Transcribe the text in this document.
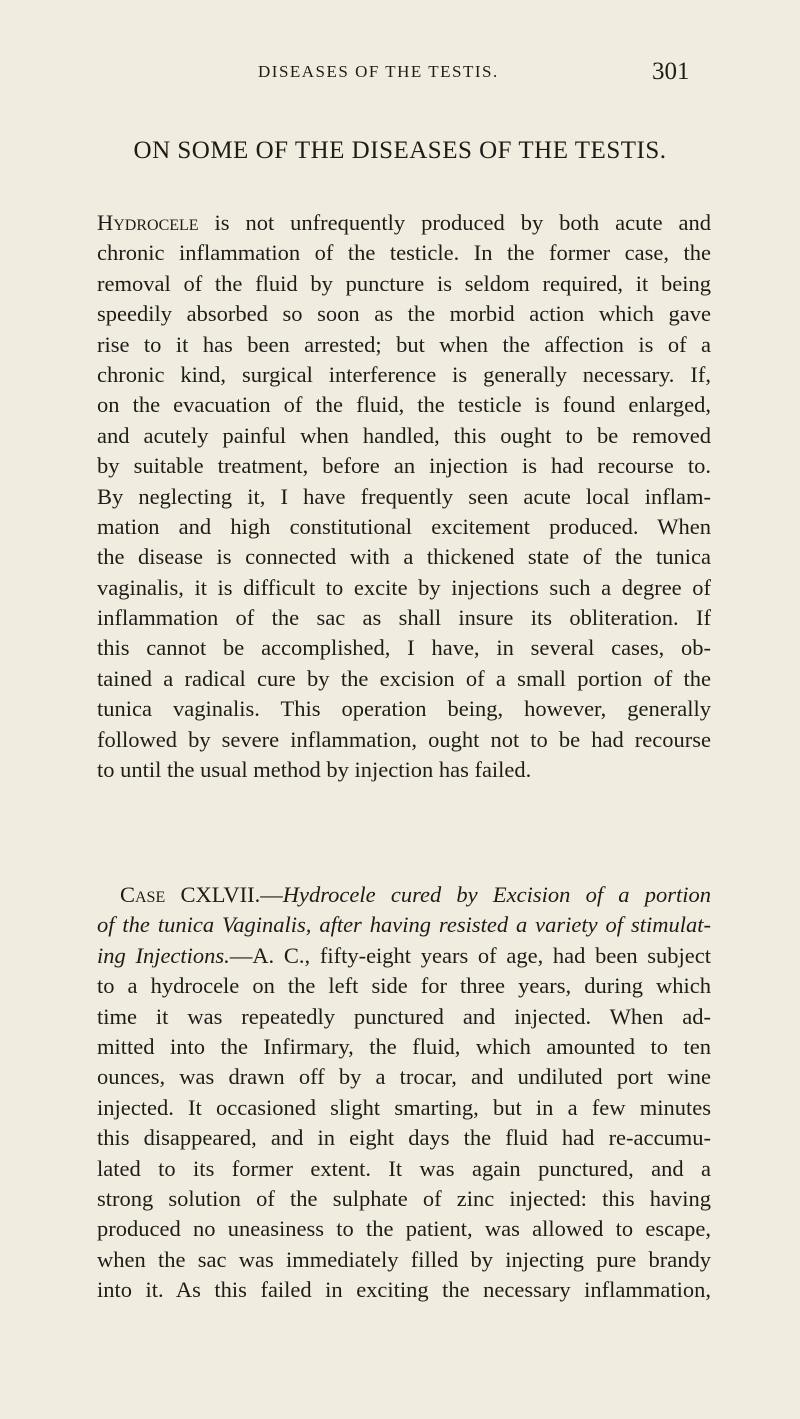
DISEASES OF THE TESTIS.	301
ON SOME OF THE DISEASES OF THE TESTIS.
Hydrocele is not unfrequently produced by both acute and
chronic inflammation of the testicle. In the former case, the
removal of the fluid by puncture is seldom required, it being
speedily absorbed so soon as the morbid action which gave
rise to it has been arrested; but when the affection is of a
chronic kind, surgical interference is generally necessary. If,
on the evacuation of the fluid, the testicle is found enlarged,
and acutely painful when handled, this ought to be removed
by suitable treatment, before an injection is had recourse to.
By neglecting it, I have frequently seen acute local inflam-
mation and high constitutional excitement produced. When
the disease is connected with a thickened state of the tunica
vaginalis, it is difficult to excite by injections such a degree of
inflammation of the sac as shall insure its obliteration. If
this cannot be accomplished, I have, in several cases, ob-
tained a radical cure by the excision of a small portion of the
tunica vaginalis. This operation being, however, generally
followed by severe inflammation, ought not to be had recourse
to until the usual method by injection has failed.
Case CXLVII.—Hydrocele cured by Excision of a portion
of the tunica Vaginalis, after having resisted a variety of stimulat-
ing Injections.—A. C., fifty-eight years of age, had been subject
to a hydrocele on the left side for three years, during which
time it was repeatedly punctured and injected. When ad-
mitted into the Infirmary, the fluid, which amounted to ten
ounces, was drawn off by a trocar, and undiluted port wine
injected. It occasioned slight smarting, but in a few minutes
this disappeared, and in eight days the fluid had re-accumu-
lated to its former extent. It was again punctured, and a
strong solution of the sulphate of zinc injected: this having
produced no uneasiness to the patient, was allowed to escape,
when the sac was immediately filled by injecting pure brandy
into it. As this failed in exciting the necessary inflammation,
